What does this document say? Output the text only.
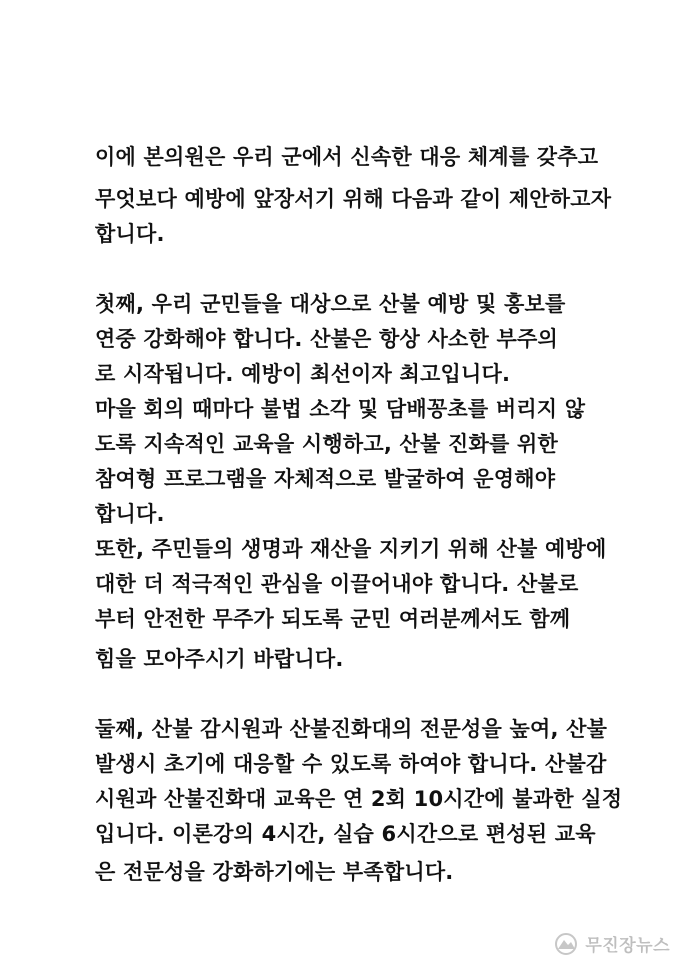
이에 본의원은 우리 군에서 신속한 대응 체계를 갖추고
무엇보다 예방에 앞장서기 위해 다음과 같이 제안하고자
합니다.
첫째, 우리 군민들을 대상으로 산불 예방 및 홍보를
연중 강화해야 합니다. 산불은 항상 사소한 부주의
로 시작됩니다. 예방이 최선이자 최고입니다.
마을 회의 때마다 불법 소각 및 담배꽁초를 버리지 않
도록 지속적인 교육을 시행하고, 산불 진화를 위한
참여형 프로그램을 자체적으로 발굴하여 운영해야
합니다.
또한, 주민들의 생명과 재산을 지키기 위해 산불 예방에
대한 더 적극적인 관심을 이끌어내야 합니다. 산불로
부터 안전한 무주가 되도록 군민 여러분께서도 함께
힘을 모아주시기 바랍니다.
둘째, 산불 감시원과 산불진화대의 전문성을 높여, 산불
발생시 초기에 대응할 수 있도록 하여야 합니다. 산불감
시원과 산불진화대 교육은 연 2회 10시간에 불과한 실정
입니다. 이론강의 4시간, 실습 6시간으로 편성된 교육
은 전문성을 강화하기에는 부족합니다.
무진장뉴스
